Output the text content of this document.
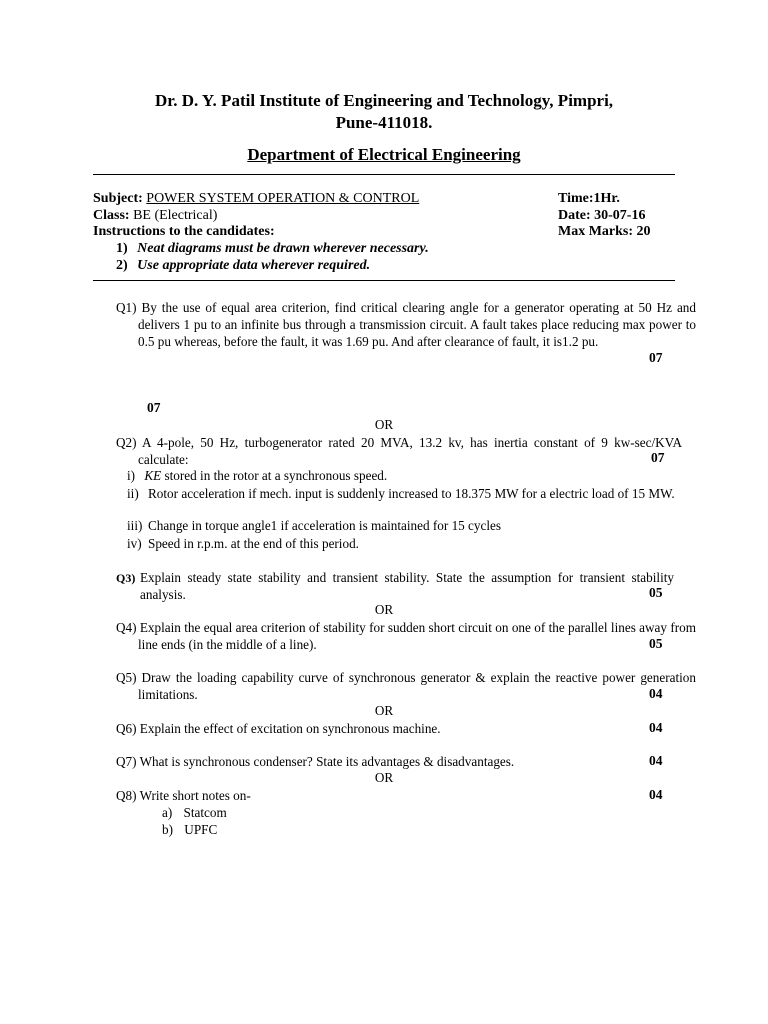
Dr. D. Y. Patil Institute of Engineering and Technology, Pimpri,
Pune-411018.
Department of Electrical Engineering
Subject: POWER SYSTEM OPERATION & CONTROL	Time:1Hr.
Class: BE (Electrical)	Date: 30-07-16
Instructions to the candidates:	Max Marks: 20
1) Neat diagrams must be drawn wherever necessary.
2) Use appropriate data wherever required.
Q1) By the use of equal area criterion, find critical clearing angle for a generator operating at 50 Hz and delivers 1 pu to an infinite bus through a transmission circuit. A fault takes place reducing max power to 0.5 pu whereas, before the fault, it was 1.69 pu. And after clearance of fault, it is1.2 pu.
07
07
OR
Q2) A 4-pole, 50 Hz, turbogenerator rated 20 MVA, 13.2 kv, has inertia constant of 9 kw-sec/KVA calculate:	07
i) KE stored in the rotor at a synchronous speed.
ii) Rotor acceleration if mech. input is suddenly increased to 18.375 MW for a electric load of 15 MW.
iii) Change in torque angle1 if acceleration is maintained for 15 cycles
iv) Speed in r.p.m. at the end of this period.
Q3) Explain steady state stability and transient stability. State the assumption for transient stability analysis.	05
OR
Q4) Explain the equal area criterion of stability for sudden short circuit on one of the parallel lines away from line ends (in the middle of a line).	05
Q5) Draw the loading capability curve of synchronous generator & explain the reactive power generation limitations.	04
OR
Q6) Explain the effect of excitation on synchronous machine.	04
Q7) What is synchronous condenser? State its advantages & disadvantages.	04
OR
Q8) Write short notes on-	04
a) Statcom
b) UPFC
